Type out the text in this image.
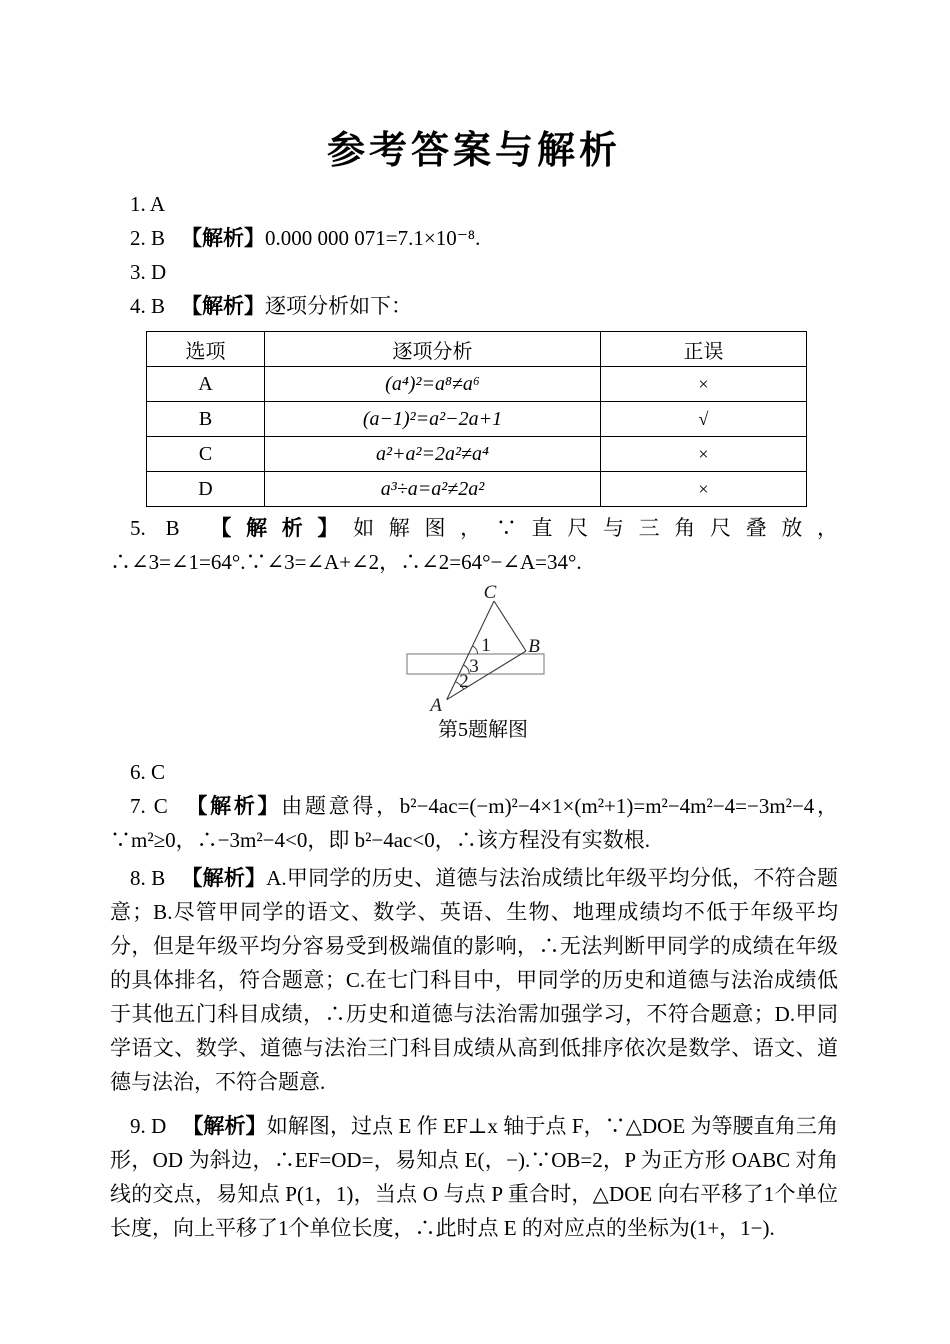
参考答案与解析

1. A

2. B 【解析】0.000 000 071=7.1×10⁻⁸.

3. D

4. B 【解析】逐项分析如下：

选项	逐项分析	正误
A	(a⁴)²=a⁸≠a⁶	×
B	(a−1)²=a²−2a+1	√
C	a²+a²=2a²≠a⁴	×
D	a³÷a=a²≠2a²	×

5. B 【解析】如解图，∵直尺与三角尺叠放，∴∠3=∠1=64°.∵∠3=∠A+∠2，∴∠2=64°−∠A=34°.

C
B
A
1
3
2
第5题解图

6. C

7. C 【解析】由题意得，b²−4ac=(−m)²−4×1×(m²+1)=m²−4m²−4=−3m²−4，∵m²≥0，∴−3m²−4<0，即 b²−4ac<0，∴该方程没有实数根.

8. B 【解析】A.甲同学的历史、道德与法治成绩比年级平均分低，不符合题意；B.尽管甲同学的语文、数学、英语、生物、地理成绩均不低于年级平均分，但是年级平均分容易受到极端值的影响，∴无法判断甲同学的成绩在年级的具体排名，符合题意；C.在七门科目中，甲同学的历史和道德与法治成绩低于其他五门科目成绩，∴历史和道德与法治需加强学习，不符合题意；D.甲同学语文、数学、道德与法治三门科目成绩从高到低排序依次是数学、语文、道德与法治，不符合题意.

9. D 【解析】如解图，过点 E 作 EF⊥x 轴于点 F，∵△DOE 为等腰直角三角形，OD 为斜边，∴EF=OD=，易知点 E(，−).∵OB=2，P 为正方形 OABC 对角线的交点，易知点 P(1，1)，当点 O 与点 P 重合时，△DOE 向右平移了1个单位长度，向上平移了1个单位长度，∴此时点 E 的对应点的坐标为(1+，1−).
